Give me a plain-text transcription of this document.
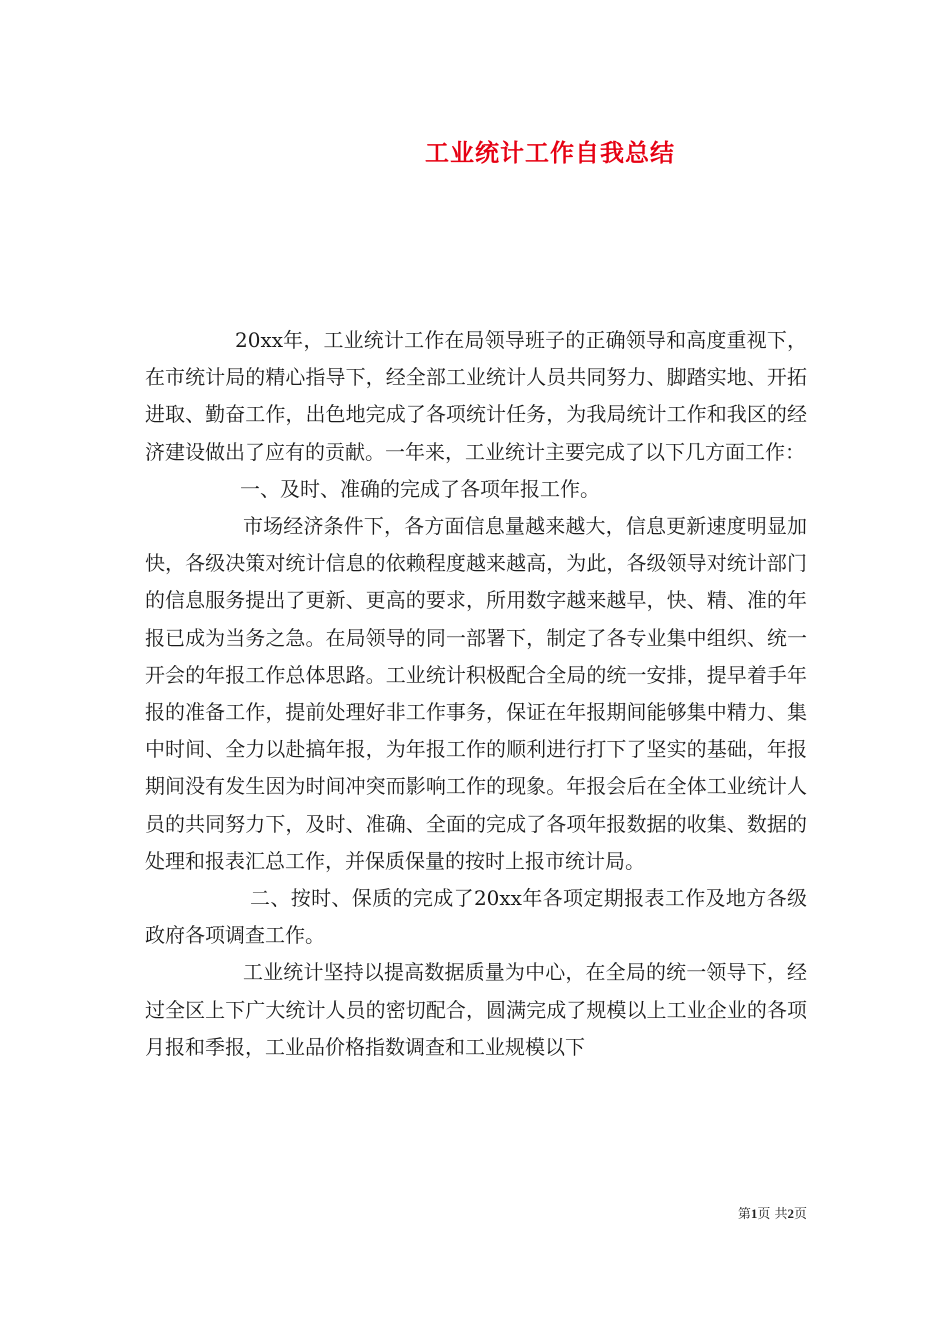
工业统计工作自我总结

20xx年，工业统计工作在局领导班子的正确领导和高度重视下，在市统计局的精心指导下，经全部工业统计人员共同努力、脚踏实地、开拓进取、勤奋工作，出色地完成了各项统计任务，为我局统计工作和我区的经济建设做出了应有的贡献。一年来，工业统计主要完成了以下几方面工作：

一、及时、准确的完成了各项年报工作。

市场经济条件下，各方面信息量越来越大，信息更新速度明显加快，各级决策对统计信息的依赖程度越来越高，为此，各级领导对统计部门的信息服务提出了更新、更高的要求，所用数字越来越早，快、精、准的年报已成为当务之急。在局领导的同一部署下，制定了各专业集中组织、统一开会的年报工作总体思路。工业统计积极配合全局的统一安排，提早着手年报的准备工作，提前处理好非工作事务，保证在年报期间能够集中精力、集中时间、全力以赴搞年报，为年报工作的顺利进行打下了坚实的基础，年报期间没有发生因为时间冲突而影响工作的现象。年报会后在全体工业统计人员的共同努力下，及时、准确、全面的完成了各项年报数据的收集、数据的处理和报表汇总工作，并保质保量的按时上报市统计局。

二、按时、保质的完成了20xx年各项定期报表工作及地方各级政府各项调查工作。

工业统计坚持以提高数据质量为中心，在全局的统一领导下，经过全区上下广大统计人员的密切配合，圆满完成了规模以上工业企业的各项月报和季报，工业品价格指数调查和工业规模以下

第1页 共2页
